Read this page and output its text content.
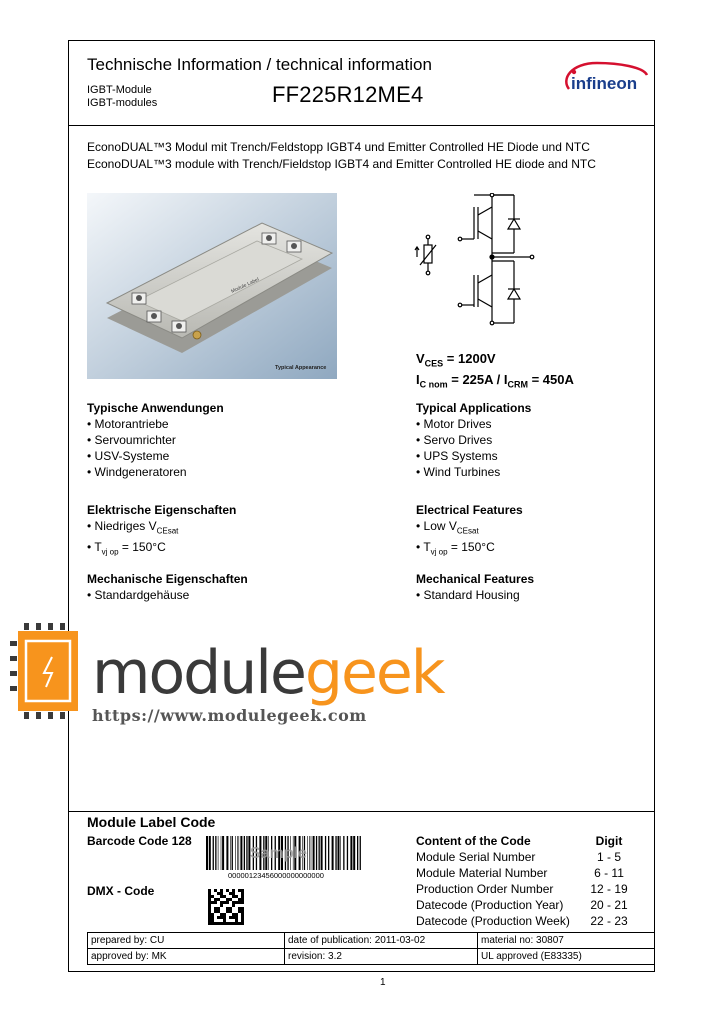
Technische Information / technical information
IGBT-Module
IGBT-modules	FF225R12ME4	infineon
EconoDUAL™3 Modul mit Trench/Feldstopp IGBT4 und Emitter Controlled HE Diode und NTC
EconoDUAL™3 module with Trench/Fieldstop IGBT4 and Emitter Controlled HE diode and NTC
Module Label
Typical Appearance
$V_{CES} = 1200V$
$I_{C nom} = 225A / I_{CRM} = 450A$
Typische Anwendungen
• Motorantriebe
• Servoumrichter
• USV-Systeme
• Windgeneratoren
Typical Applications
• Motor Drives
• Servo Drives
• UPS Systems
• Wind Turbines
Elektrische Eigenschaften
• Niedriges $V_{CEsat}$
• $T_{vj op} = 150^\circ C$
Electrical Features
• Low $V_{CEsat}$
• $T_{vj op} = 150^\circ C$
Mechanische Eigenschaften
• Standardgehäuse
Mechanical Features
• Standard Housing
Module Label Code
Barcode Code 128
DMX - Code
Sample
00000123456000000000000
Content of the Code	Digit
Module Serial Number	1 - 5
Module Material Number	6 - 11
Production Order Number	12 - 19
Datecode (Production Year)	20 - 21
Datecode (Production Week)	22 - 23
prepared by: CU	date of publication: 2011-03-02	material no: 30807
approved by: MK	revision: 3.2	UL approved (E83335)
modulegeek
https://www.modulegeek.com
1
